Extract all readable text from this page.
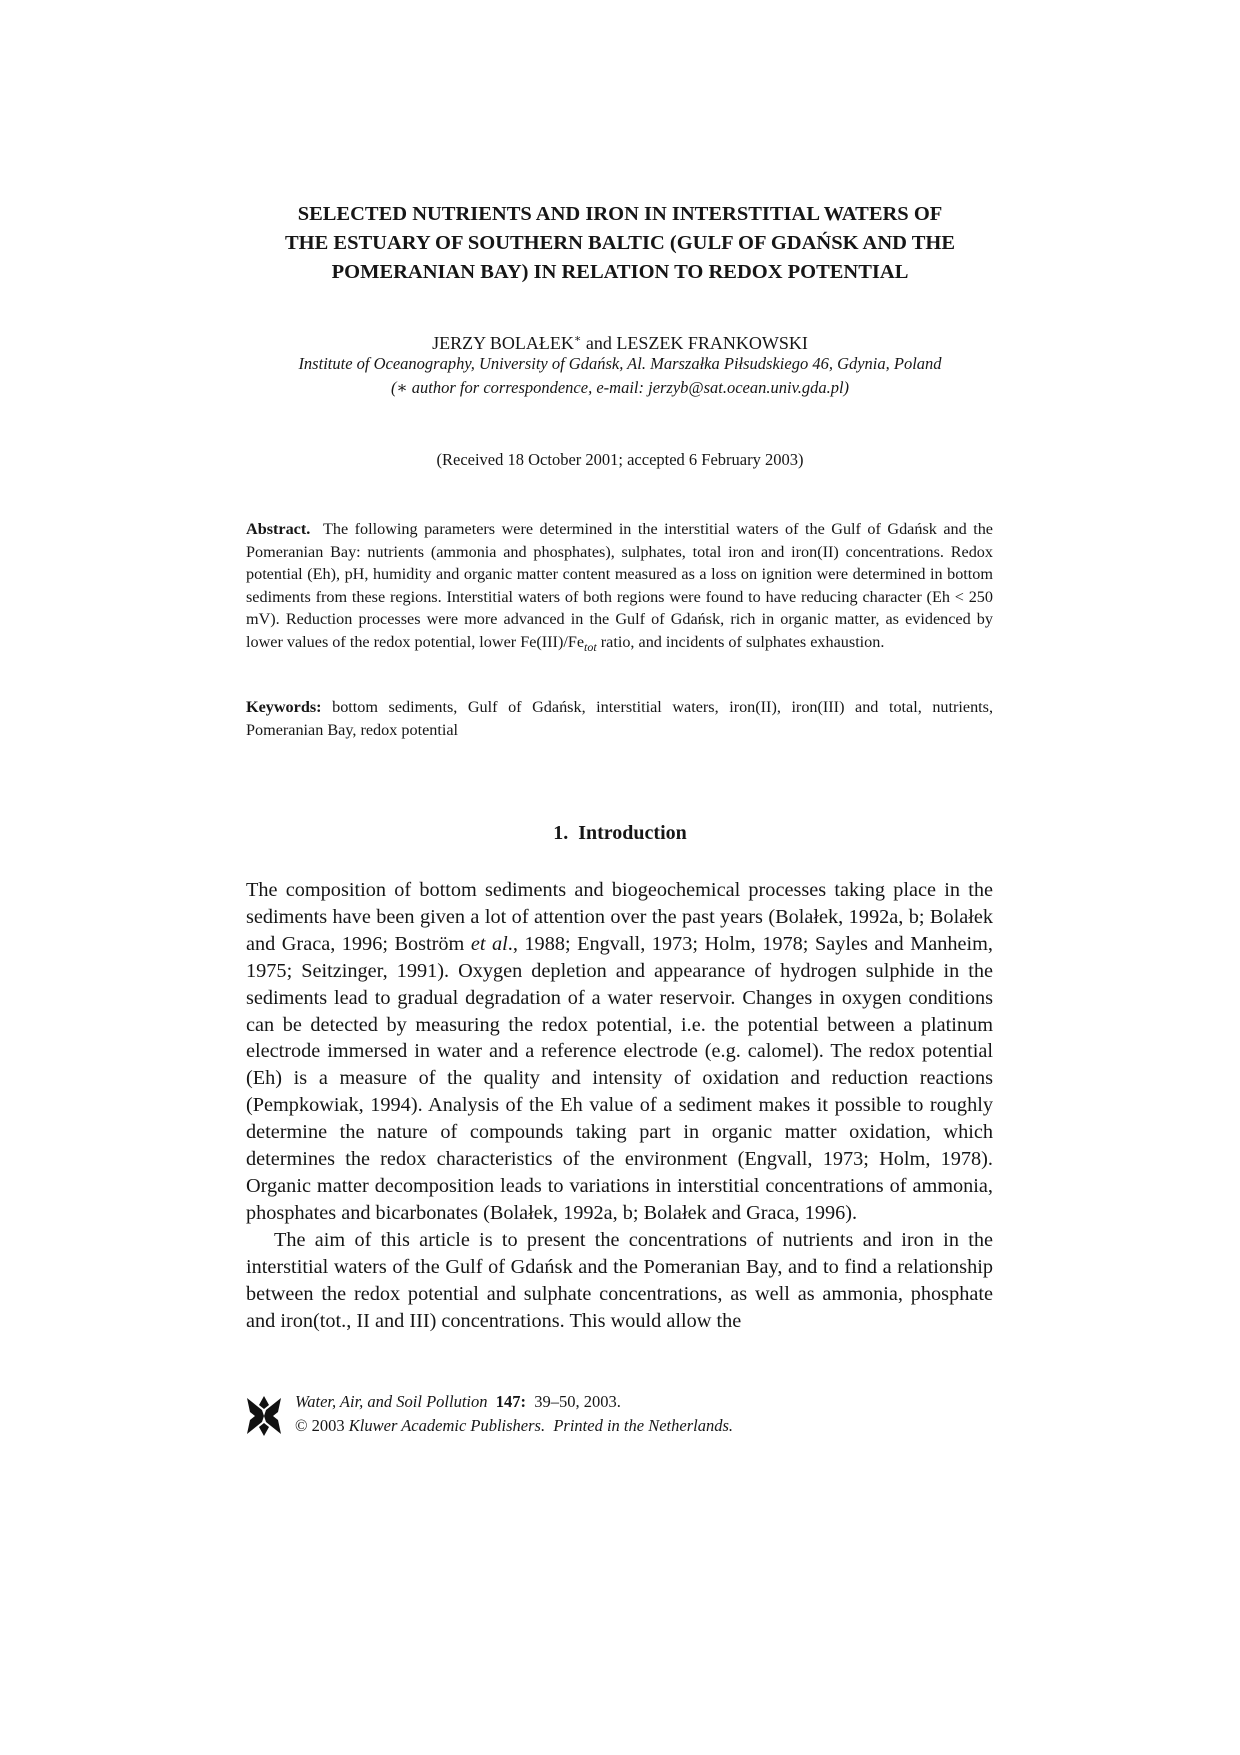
SELECTED NUTRIENTS AND IRON IN INTERSTITIAL WATERS OF
THE ESTUARY OF SOUTHERN BALTIC (GULF OF GDAŃSK AND THE
POMERANIAN BAY) IN RELATION TO REDOX POTENTIAL
JERZY BOLAŁEK∗ and LESZEK FRANKOWSKI
Institute of Oceanography, University of Gdańsk, Al. Marszałka Piłsudskiego 46, Gdynia, Poland
(∗ author for correspondence, e-mail: jerzyb@sat.ocean.univ.gda.pl)
(Received 18 October 2001; accepted 6 February 2003)

Abstract. The following parameters were determined in the interstitial waters of the Gulf of Gdańsk and the Pomeranian Bay: nutrients (ammonia and phosphates), sulphates, total iron and iron(II) concentrations. Redox potential (Eh), pH, humidity and organic matter content measured as a loss on ignition were determined in bottom sediments from these regions. Interstitial waters of both regions were found to have reducing character (Eh < 250 mV). Reduction processes were more advanced in the Gulf of Gdańsk, rich in organic matter, as evidenced by lower values of the redox potential, lower $Fe(III)/Fe_{tot}$ ratio, and incidents of sulphates exhaustion.

Keywords: bottom sediments, Gulf of Gdańsk, interstitial waters, iron(II), iron(III) and total, nutrients, Pomeranian Bay, redox potential

1. Introduction

The composition of bottom sediments and biogeochemical processes taking place in the sediments have been given a lot of attention over the past years (Bolałek, 1992a, b; Bolałek and Graca, 1996; Boström et al., 1988; Engvall, 1973; Holm, 1978; Sayles and Manheim, 1975; Seitzinger, 1991). Oxygen depletion and appearance of hydrogen sulphide in the sediments lead to gradual degradation of a water reservoir. Changes in oxygen conditions can be detected by measuring the redox potential, i.e. the potential between a platinum electrode immersed in water and a reference electrode (e.g. calomel). The redox potential (Eh) is a measure of the quality and intensity of oxidation and reduction reactions (Pempkowiak, 1994). Analysis of the Eh value of a sediment makes it possible to roughly determine the nature of compounds taking part in organic matter oxidation, which determines the redox characteristics of the environment (Engvall, 1973; Holm, 1978). Organic matter decomposition leads to variations in interstitial concentrations of ammonia, phosphates and bicarbonates (Bolałek, 1992a, b; Bolałek and Graca, 1996).

The aim of this article is to present the concentrations of nutrients and iron in the interstitial waters of the Gulf of Gdańsk and the Pomeranian Bay, and to find a relationship between the redox potential and sulphate concentrations, as well as ammonia, phosphate and iron(tot., II and III) concentrations. This would allow the

Water, Air, and Soil Pollution 147: 39–50, 2003.
© 2003 Kluwer Academic Publishers.  Printed in the Netherlands.
